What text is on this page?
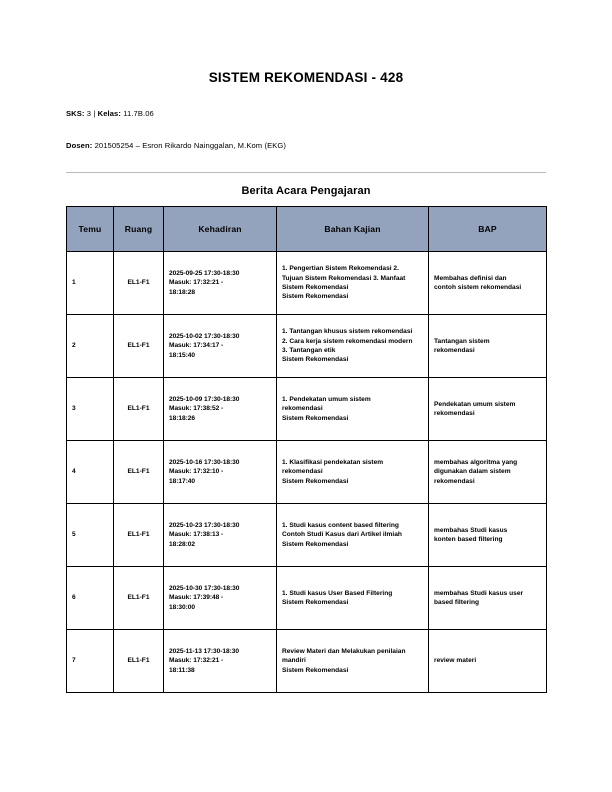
SISTEM REKOMENDASI - 428
SKS: 3 | Kelas: 11.7B.06
Dosen: 201505254 – Esron Rikardo Nainggalan, M.Kom (EKG)
Berita Acara Pengajaran
Temu	Ruang	Kehadiran	Bahan Kajian	BAP
1	EL1-F1	2025-09-25 17:30-18:30
Masuk: 17:32:21 -
18:18:28	1. Pengertian Sistem Rekomendasi 2.
Tujuan Sistem Rekomendasi 3. Manfaat
Sistem Rekomendasi
Sistem Rekomendasi	Membahas definisi dan
contoh sistem rekomendasi

2	EL1-F1	2025-10-02 17:30-18:30
Masuk: 17:34:17 -
18:15:40	1. Tantangan khusus sistem rekomendasi
2. Cara kerja sistem rekomendasi modern
3. Tantangan etik
Sistem Rekomendasi	Tantangan sistem
rekomendasi

3	EL1-F1	2025-10-09 17:30-18:30
Masuk: 17:38:52 -
18:18:26	1. Pendekatan umum sistem
rekomendasi
Sistem Rekomendasi	Pendekatan umum sistem
rekomendasi

4	EL1-F1	2025-10-16 17:30-18:30
Masuk: 17:32:10 -
18:17:40	1. Klasifikasi pendekatan sistem
rekomendasi
Sistem Rekomendasi	membahas algoritma yang
digunakan dalam sistem
rekomendasi

5	EL1-F1	2025-10-23 17:30-18:30
Masuk: 17:38:13 -
18:28:02	1. Studi kasus content based filtering
Contoh Studi Kasus dari Artikel ilmiah
Sistem Rekomendasi	membahas Studi kasus
konten based filtering

6	EL1-F1	2025-10-30 17:30-18:30
Masuk: 17:39:48 -
18:30:00	1. Studi kasus User Based Filtering
Sistem Rekomendasi	membahas Studi kasus user
based filtering

7	EL1-F1	2025-11-13 17:30-18:30
Masuk: 17:32:21 -
18:11:38	Review Materi dan Melakukan penilaian
mandiri
Sistem Rekomendasi	review materi
